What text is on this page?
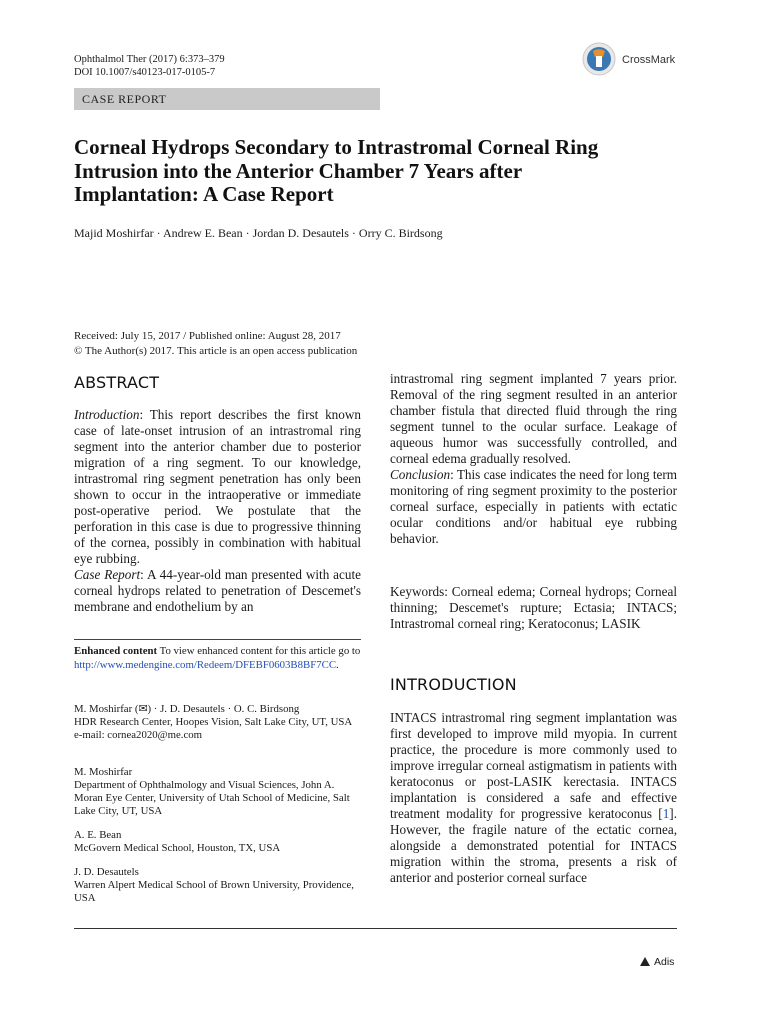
Ophthalmol Ther (2017) 6:373–379
DOI 10.1007/s40123-017-0105-7
CrossMark
CASE REPORT
Corneal Hydrops Secondary to Intrastromal Corneal Ring Intrusion into the Anterior Chamber 7 Years after Implantation: A Case Report
Majid Moshirfar · Andrew E. Bean · Jordan D. Desautels · Orry C. Birdsong
Received: July 15, 2017 / Published online: August 28, 2017
© The Author(s) 2017. This article is an open access publication
ABSTRACT

Introduction: This report describes the first known case of late-onset intrusion of an intrastromal ring segment into the anterior chamber due to posterior migration of a ring segment. To our knowledge, intrastromal ring segment penetration has only been shown to occur in the intraoperative or immediate post-operative period. We postulate that the perforation in this case is due to progressive thinning of the cornea, possibly in combination with habitual eye rubbing.

Case Report: A 44-year-old man presented with acute corneal hydrops related to penetration of Descemet's membrane and endothelium by an

intrastromal ring segment implanted 7 years prior. Removal of the ring segment resulted in an anterior chamber fistula that directed fluid through the ring segment tunnel to the ocular surface. Leakage of aqueous humor was successfully controlled, and corneal edema gradually resolved.

Conclusion: This case indicates the need for long term monitoring of ring segment proximity to the posterior corneal surface, especially in patients with ectatic ocular conditions and/or habitual eye rubbing behavior.

Keywords: Corneal edema; Corneal hydrops; Corneal thinning; Descemet's rupture; Ectasia; INTACS; Intrastromal corneal ring; Keratoconus; LASIK

Enhanced content To view enhanced content for this article go to http://www.medengine.com/Redeem/DFEBF0603B8BF7CC.
M. Moshirfar (✉) · J. D. Desautels · O. C. Birdsong
HDR Research Center, Hoopes Vision, Salt Lake City, UT, USA
e-mail: cornea2020@me.com
M. Moshirfar
Department of Ophthalmology and Visual Sciences, John A. Moran Eye Center, University of Utah School of Medicine, Salt Lake City, UT, USA
A. E. Bean
McGovern Medical School, Houston, TX, USA
J. D. Desautels
Warren Alpert Medical School of Brown University, Providence, USA
INTRODUCTION

INTACS intrastromal ring segment implantation was first developed to improve mild myopia. In current practice, the procedure is more commonly used to improve irregular corneal astigmatism in patients with keratoconus or post-LASIK kerectasia. INTACS implantation is considered a safe and effective treatment modality for progressive keratoconus [1]. However, the fragile nature of the ectatic cornea, alongside a demonstrated potential for INTACS migration within the stroma, presents a risk of anterior and posterior corneal surface

Adis
